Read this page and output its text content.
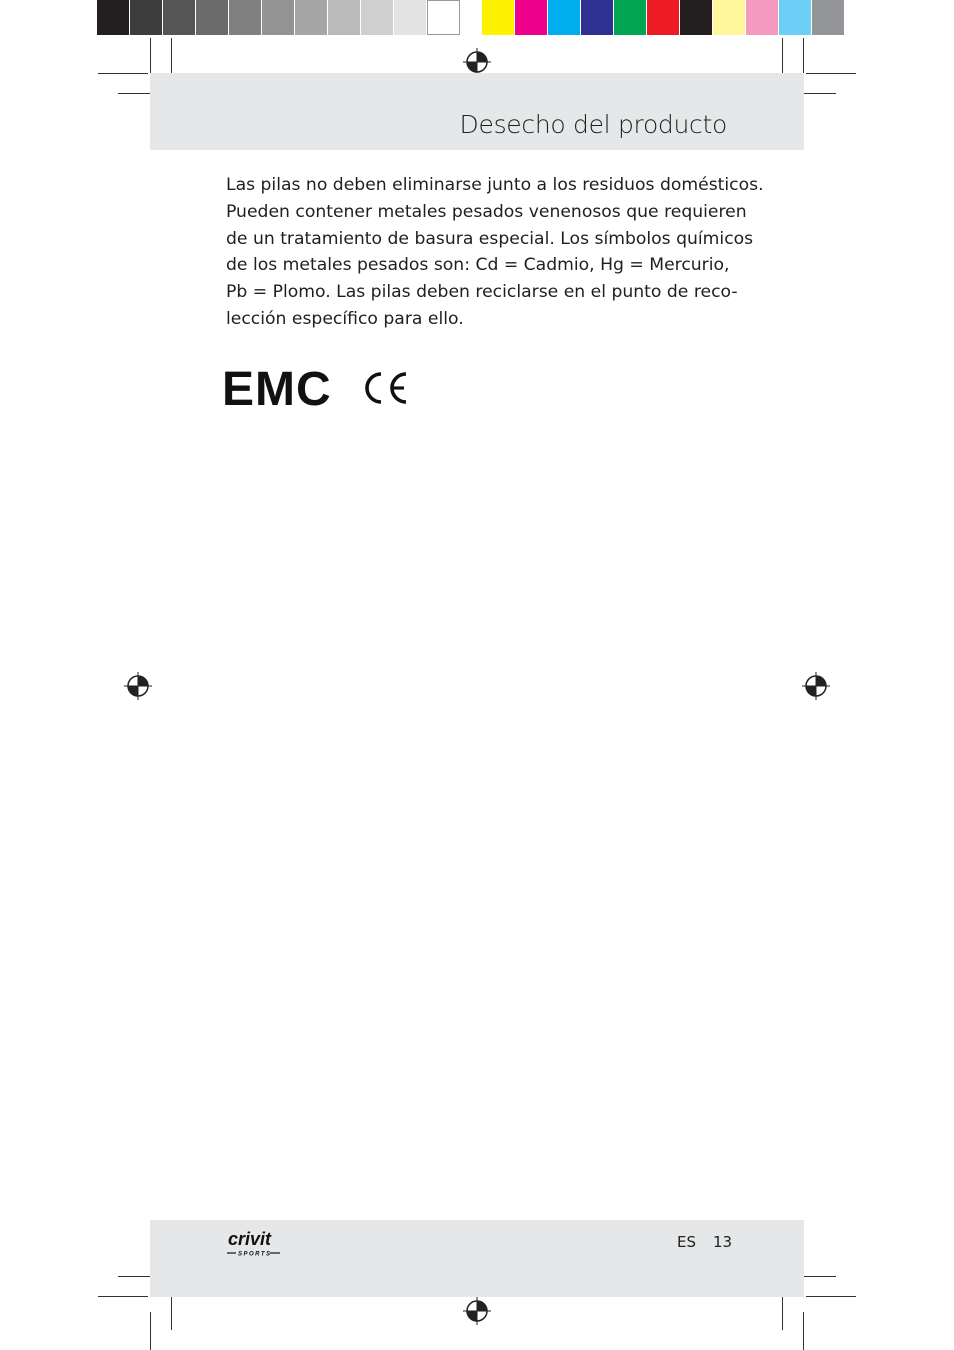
Desecho del producto
Las pilas no deben eliminarse junto a los residuos domésticos.
Pueden contener metales pesados venenosos que requieren
de un tratamiento de basura especial. Los símbolos químicos
de los metales pesados son: Cd = Cadmio, Hg = Mercurio,
Pb = Plomo. Las pilas deben reciclarse en el punto de reco-
lección específico para ello.
EMC
crivit
SPORTS
ES 13
